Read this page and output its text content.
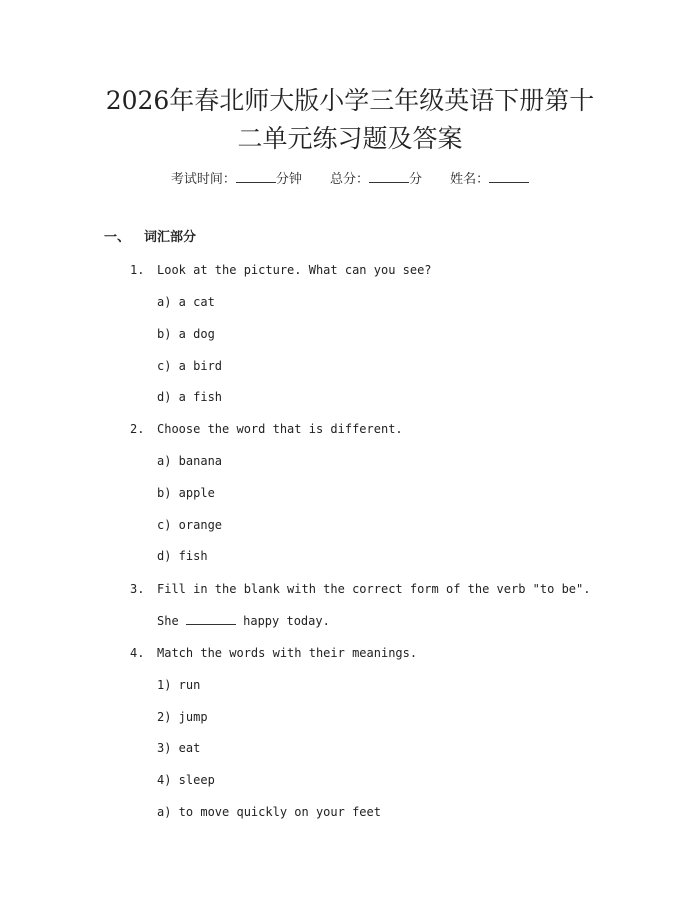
2026年春北师大版小学三年级英语下册第十
二单元练习题及答案
考试时间：	分钟 总分：	分 姓名：
一、 词汇部分
1. Look at the picture. What can you see?
a) a cat
b) a dog
c) a bird
d) a fish
2. Choose the word that is different.
a) banana
b) apple
c) orange
d) fish
3. Fill in the blank with the correct form of the verb "to be".
She	happy today.
4. Match the words with their meanings.
1) run
2) jump
3) eat
4) sleep
a) to move quickly on your feet
